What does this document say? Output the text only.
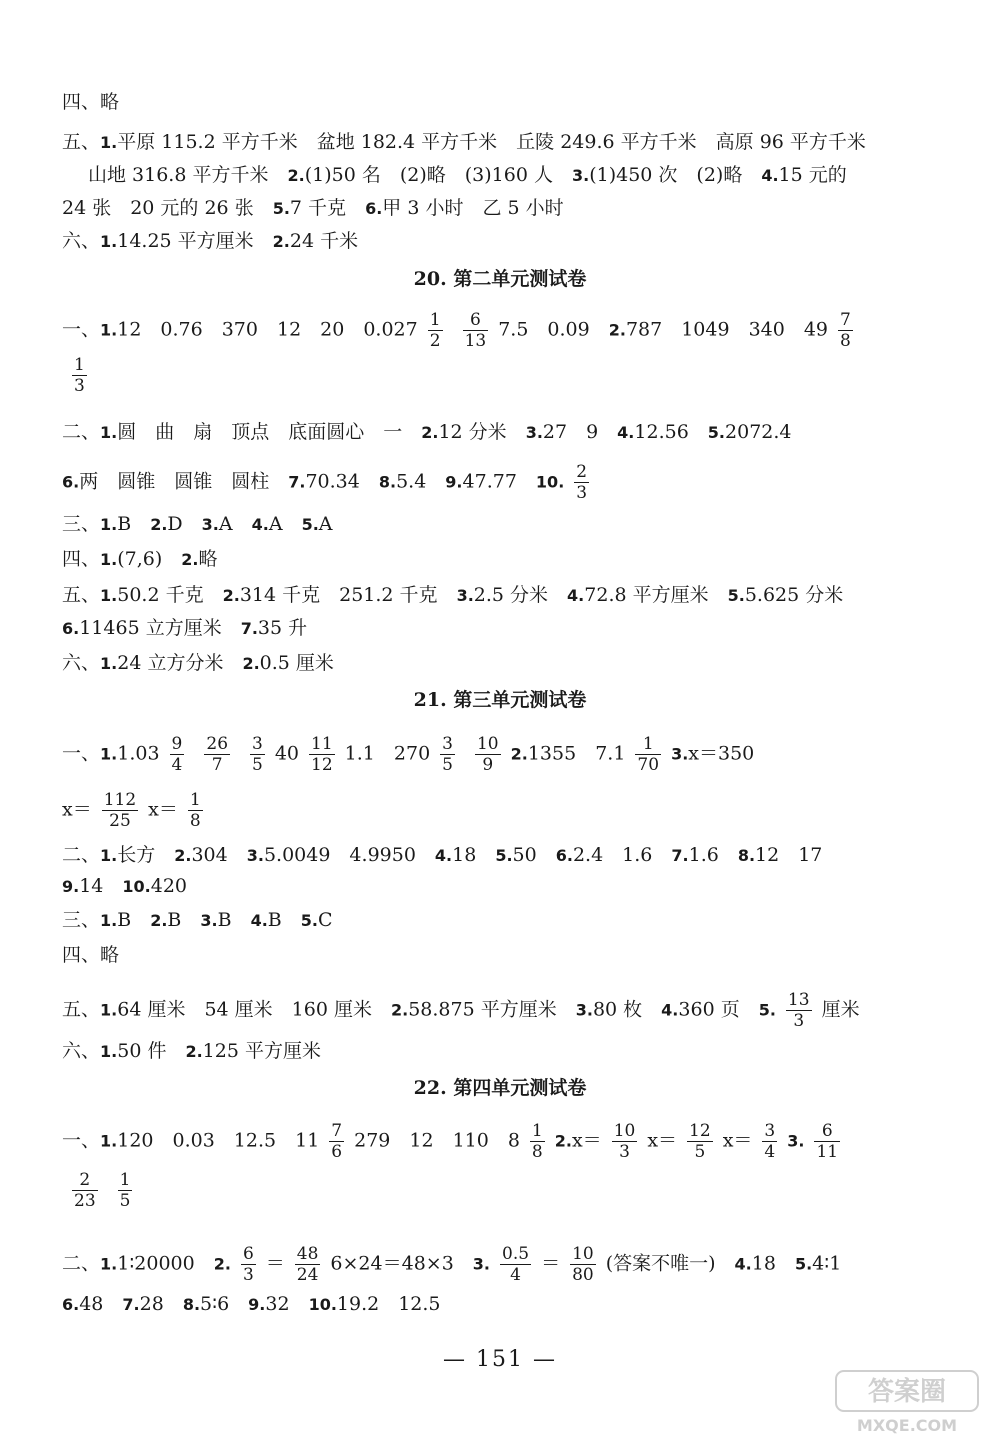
— 151 —
答案圈
MXQE.COM
四、略
五、1.平原 115.2 平方千米　盆地 182.4 平方千米　丘陵 249.6 平方千米　高原 96 平方千米
山地 316.8 平方千米　2.(1)50 名　(2)略　(3)160 人　3.(1)450 次　(2)略　4.15 元的
24 张　20 元的 26 张　5.7 千克　6.甲 3 小时　乙 5 小时
六、1.14.25 平方厘米　2.24 千米
20. 第二单元测试卷
一、1.12　0.76　370　12　20　$0.027 \frac{1}{2} \frac{6}{13} 7.5$　0.09　2.787　1049　340　$49 \frac{7}{8}$
$\frac{1}{3}$
二、1.圆　曲　扇　顶点　底面圆心　一　2.12 分米　3.27　9　4.12.56　5.2072.4
6.两　圆锥　圆锥　圆柱　7.70.34　8.5.4　9.47.77　10. $\frac{2}{3}$
三、1.B　2.D　3.A　4.A　5.A
四、1.(7,6)　2.略
五、1.50.2 千克　2.314 千克　251.2 千克　3.2.5 分米　4.72.8 平方厘米　5.5.625 分米
6.11465 立方厘米　7.35 升
六、1.24 立方分米　2.0.5 厘米
21. 第三单元测试卷
一、$1.1.03 \frac{9}{4} \frac{26}{7} \frac{3}{5} 40 \frac{11}{12} 1.1$　$270 \frac{3}{5} \frac{10}{9} 2.1355$　$7.1 \frac{1}{70} 3.x=350$
$x= \frac{112}{25} x= \frac{1}{8}$
二、1.长方　2.304　3.5.0049　4.9950　4.18　5.50　6.2.4　1.6　7.1.6　8.12　17
9.14　10.420
三、1.B　2.B　3.B　4.B　5.C
四、略
五、1.64 厘米　54 厘米　160 厘米　2.58.875 平方厘米　3.80 枚　4.360 页　5. $\frac{13}{3}$ 厘米
六、1.50 件　2.125 平方厘米
22. 第四单元测试卷
一、1.120　0.03　12.5　$11 \frac{7}{6} 279$　12　110　$8 \frac{1}{8} 2.x= \frac{10}{3} x= \frac{12}{5} x= \frac{3}{4} 3$. $\frac{6}{11}$
$\frac{2}{23} \frac{1}{5}$
二、1.1∶20000　2. $\frac{6}{3} = \frac{48}{24} 6\times 24=48\times 3$　3. $\frac{0.5}{4} = \frac{10}{80}$ (答案不唯一)　4.18　5.4∶1
6.48　7.28　8.5∶6　9.32　10.19.2　12.5
